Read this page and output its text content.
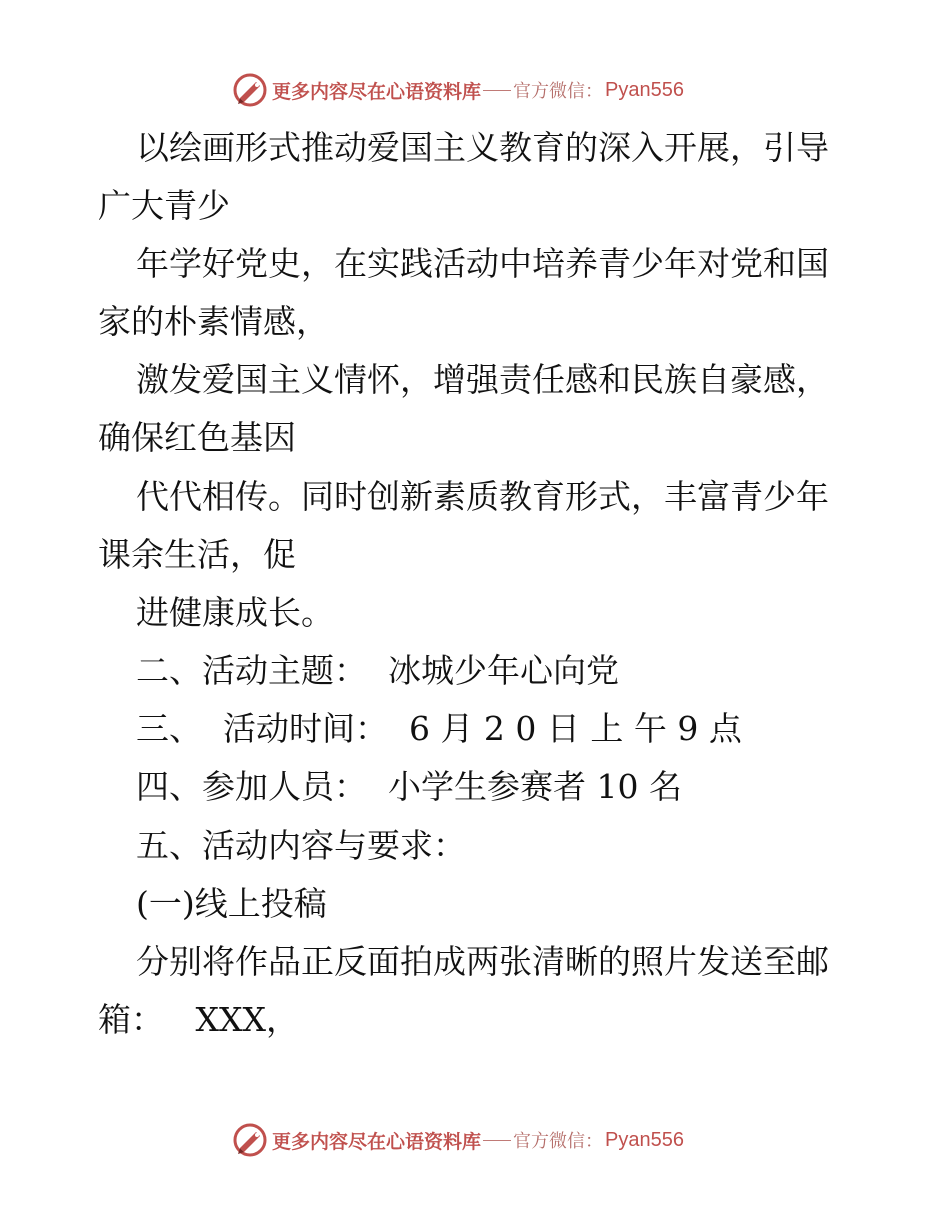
更多内容尽在心语资料库 官方微信： Pyan556
以绘画形式推动爱国主义教育的深入开展，引导
广大青少
年学好党史，在实践活动中培养青少年对党和国
家的朴素情感，
激发爱国主义情怀，增强责任感和民族自豪感，
确保红色基因
代代相传。同时创新素质教育形式，丰富青少年
课余生活，促
进健康成长。
二、活动主题：  冰城少年心向党
三、  活动时间：  6 月 2 0 日 上 午 9 点
四、参加人员：  小学生参赛者 10 名
五、活动内容与要求：
(一)线上投稿
分别将作品正反面拍成两张清晰的照片发送至邮
箱：   XXX，
更多内容尽在心语资料库 官方微信： Pyan556
